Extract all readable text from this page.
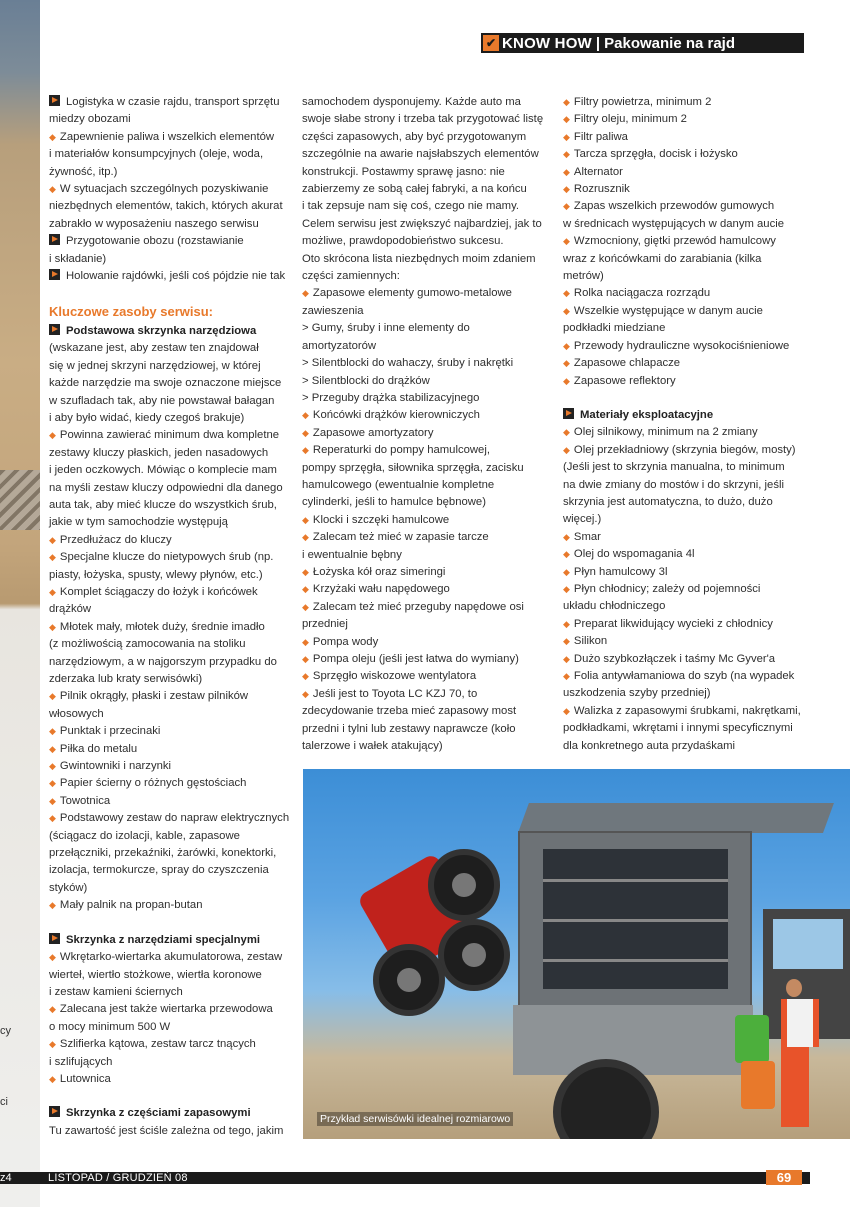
cy
ci
z4
✔ KNOW HOW | Pakowanie na rajd

Logistyka w czasie rajdu, transport sprzętu

miedzy obozami

◆ Zapewnienie paliwa i wszelkich elementów

i materiałów konsumpcyjnych (oleje, woda,

żywność, itp.)

◆ W sytuacjach szczególnych pozyskiwanie

niezbędnych elementów, takich, których akurat

zabrakło w wyposażeniu naszego serwisu

Przygotowanie obozu (rozstawianie

i składanie)

Holowanie rajdówki, jeśli coś pójdzie nie tak

Kluczowe zasoby serwisu:

Podstawowa skrzynka narzędziowa

(wskazane jest, aby zestaw ten znajdował

się w jednej skrzyni narzędziowej, w której

każde narzędzie ma swoje oznaczone miejsce

w szufladach tak, aby nie powstawał bałagan

i aby było widać, kiedy czegoś brakuje)

◆ Powinna zawierać minimum dwa kompletne

zestawy kluczy płaskich, jeden nasadowych

i jeden oczkowych. Mówiąc o komplecie mam

na myśli zestaw kluczy odpowiedni dla danego

auta tak, aby mieć klucze do wszystkich śrub,

jakie w tym samochodzie występują

◆ Przedłużacz do kluczy

◆ Specjalne klucze do nietypowych śrub (np.

piasty, łożyska, spusty, wlewy płynów, etc.)

◆ Komplet ściągaczy do łożyk i końcówek

drążków

◆ Młotek mały, młotek duży, średnie imadło

(z możliwością zamocowania na stoliku

narzędziowym, a w najgorszym przypadku do

zderzaka lub kraty serwisówki)

◆ Pilnik okrągły, płaski i zestaw pilników

włosowych

◆ Punktak i przecinaki

◆ Piłka do metalu

◆ Gwintowniki i narzynki

◆ Papier ścierny o różnych gęstościach

◆ Towotnica

◆ Podstawowy zestaw do napraw elektrycznych

(ściągacz do izolacji, kable, zapasowe

przełączniki, przekaźniki, żarówki, konektorki,

izolacja, termokurcze, spray do czyszczenia

styków)

◆ Mały palnik na propan-butan

Skrzynka z narzędziami specjalnymi

◆ Wkrętarko-wiertarka akumulatorowa, zestaw

wierteł, wiertło stożkowe, wiertła koronowe

i zestaw kamieni ściernych

◆ Zalecana jest także wiertarka przewodowa

o mocy minimum 500 W

◆ Szlifierka kątowa, zestaw tarcz tnących

i szlifujących

◆ Lutownica

Skrzynka z częściami zapasowymi

Tu zawartość jest ściśle zależna od tego, jakim

samochodem dysponujemy. Każde auto ma

swoje słabe strony i trzeba tak przygotować listę

części zapasowych, aby być przygotowanym

szczególnie na awarie najsłabszych elementów

konstrukcji. Postawmy sprawę jasno: nie

zabierzemy ze sobą całej fabryki, a na końcu

i tak zepsuje nam się coś, czego nie mamy.

Celem serwisu jest zwiększyć najbardziej, jak to

możliwe, prawdopodobieństwo sukcesu.

Oto skrócona lista niezbędnych moim zdaniem

części zamiennych:

◆ Zapasowe elementy gumowo-metalowe

zawieszenia

> Gumy, śruby i inne elementy do

amortyzatorów

> Silentblocki do wahaczy, śruby i nakrętki

> Silentblocki do drążków

> Przeguby drążka stabilizacyjnego

◆ Końcówki drążków kierowniczych

◆ Zapasowe amortyzatory

◆ Reperaturki do pompy hamulcowej,

pompy sprzęgła, siłownika sprzęgła, zacisku

hamulcowego (ewentualnie kompletne

cylinderki, jeśli to hamulce bębnowe)

◆ Klocki i szczęki hamulcowe

◆ Zalecam też mieć w zapasie tarcze

i ewentualnie bębny

◆ Łożyska kół oraz simeringi

◆ Krzyżaki wału napędowego

◆ Zalecam też mieć przeguby napędowe osi

przedniej

◆ Pompa wody

◆ Pompa oleju (jeśli jest łatwa do wymiany)

◆ Sprzęgło wiskozowe wentylatora

◆ Jeśli jest to Toyota LC KZJ 70, to

zdecydowanie trzeba mieć zapasowy most

przedni i tylni lub zestawy naprawcze (koło

talerzowe i wałek atakujący)

◆ Filtry powietrza, minimum 2

◆ Filtry oleju, minimum 2

◆ Filtr paliwa

◆ Tarcza sprzęgła, docisk i łożysko

◆ Alternator

◆ Rozrusznik

◆ Zapas wszelkich przewodów gumowych

w średnicach występujących w danym aucie

◆ Wzmocniony, giętki przewód hamulcowy

wraz z końcówkami do zarabiania (kilka

metrów)

◆ Rolka naciągacza rozrządu

◆ Wszelkie występujące w danym aucie

podkładki miedziane

◆ Przewody hydrauliczne wysokociśnieniowe

◆ Zapasowe chlapacze

◆ Zapasowe reflektory

Materiały eksploatacyjne

◆ Olej silnikowy, minimum na 2 zmiany

◆ Olej przekładniowy (skrzynia biegów, mosty)

(Jeśli jest to skrzynia manualna, to minimum

na dwie zmiany do mostów i do skrzyni, jeśli

skrzynia jest automatyczna, to dużo, dużo

więcej.)

◆ Smar

◆ Olej do wspomagania 4l

◆ Płyn hamulcowy 3l

◆ Płyn chłodnicy; zależy od pojemności

układu chłodniczego

◆ Preparat likwidujący wycieki z chłodnicy

◆ Silikon

◆ Dużo szybkozłączek i taśmy Mc Gyver'a

◆ Folia antywłamaniowa do szyb (na wypadek

uszkodzenia szyby przedniej)

◆ Walizka z zapasowymi śrubkami, nakrętkami,

podkładkami, wkrętami i innymi specyficznymi

dla konkretnego auta przydaśkami

Przykład serwisówki idealnej rozmiarowo
LISTOPAD / GRUDZIEŃ 08	69
